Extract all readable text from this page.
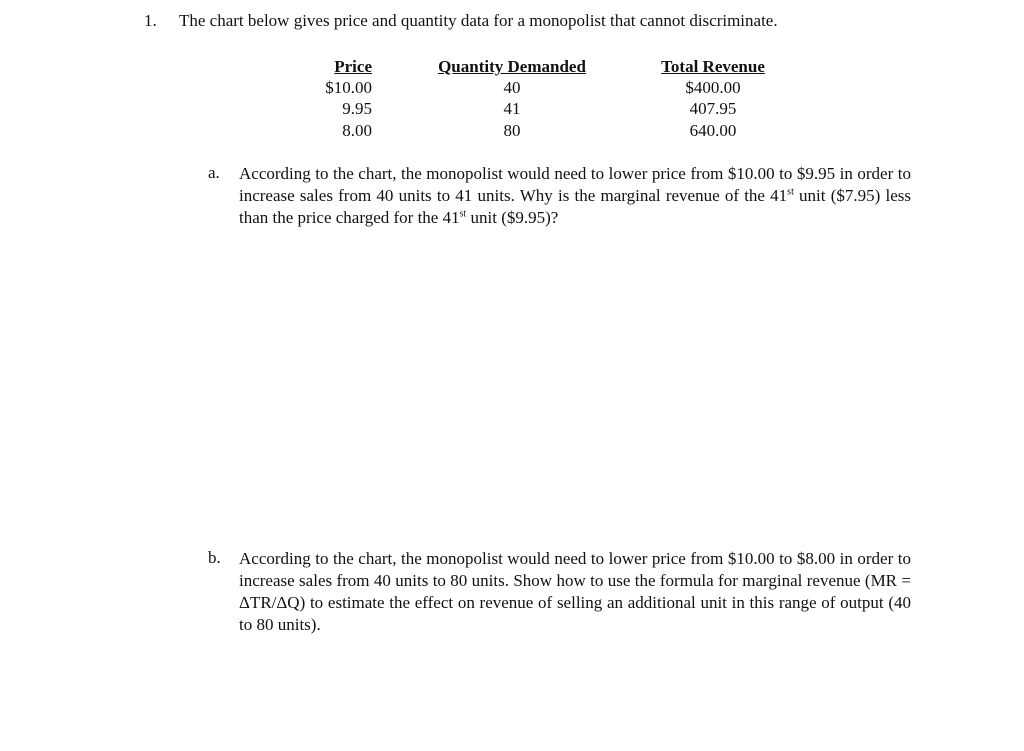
1. The chart below gives price and quantity data for a monopolist that cannot discriminate.
Price	Quantity Demanded	Total Revenue
$10.00	40	$400.00
9.95	41	407.95
8.00	80	640.00
a. According to the chart, the monopolist would need to lower price from $10.00 to $9.95 in order to increase sales from 40 units to 41 units. Why is the marginal revenue of the 41st unit ($7.95) less than the price charged for the 41st unit ($9.95)?
b. According to the chart, the monopolist would need to lower price from $10.00 to $8.00 in order to increase sales from 40 units to 80 units. Show how to use the formula for marginal revenue (MR = ΔTR/ΔQ) to estimate the effect on revenue of selling an additional unit in this range of output (40 to 80 units).
